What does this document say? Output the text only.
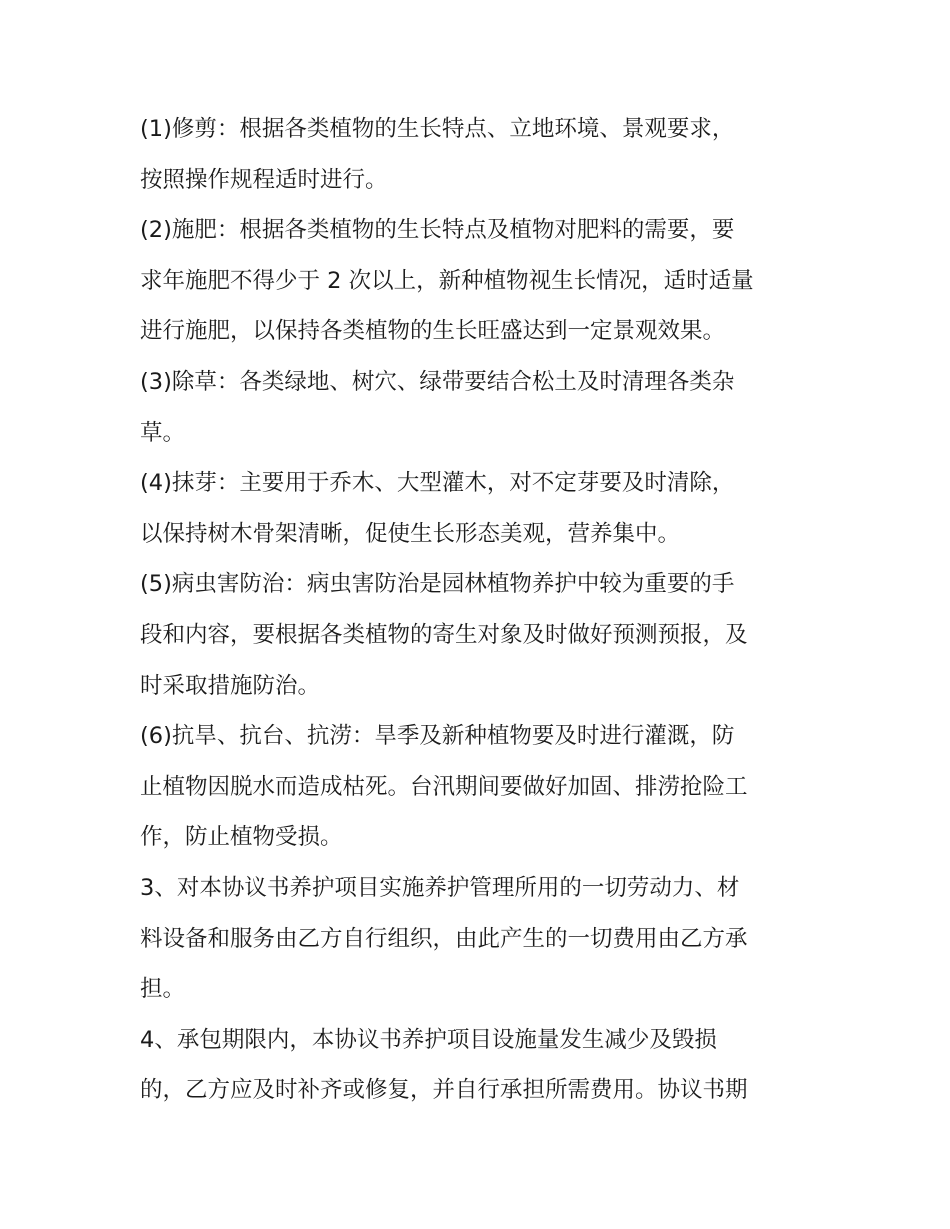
(1)修剪：根据各类植物的生长特点、立地环境、景观要求，
按照操作规程适时进行。
(2)施肥：根据各类植物的生长特点及植物对肥料的需要，要
求年施肥不得少于 2 次以上，新种植物视生长情况，适时适量
进行施肥，以保持各类植物的生长旺盛达到一定景观效果。
(3)除草：各类绿地、树穴、绿带要结合松土及时清理各类杂
草。
(4)抹芽：主要用于乔木、大型灌木，对不定芽要及时清除，
以保持树木骨架清晰，促使生长形态美观，营养集中。
(5)病虫害防治：病虫害防治是园林植物养护中较为重要的手
段和内容，要根据各类植物的寄生对象及时做好预测预报，及
时采取措施防治。
(6)抗旱、抗台、抗涝：旱季及新种植物要及时进行灌溉，防
止植物因脱水而造成枯死。台汛期间要做好加固、排涝抢险工
作，防止植物受损。
3、对本协议书养护项目实施养护管理所用的一切劳动力、材
料设备和服务由乙方自行组织，由此产生的一切费用由乙方承
担。
4、承包期限内，本协议书养护项目设施量发生减少及毁损
的，乙方应及时补齐或修复，并自行承担所需费用。协议书期
